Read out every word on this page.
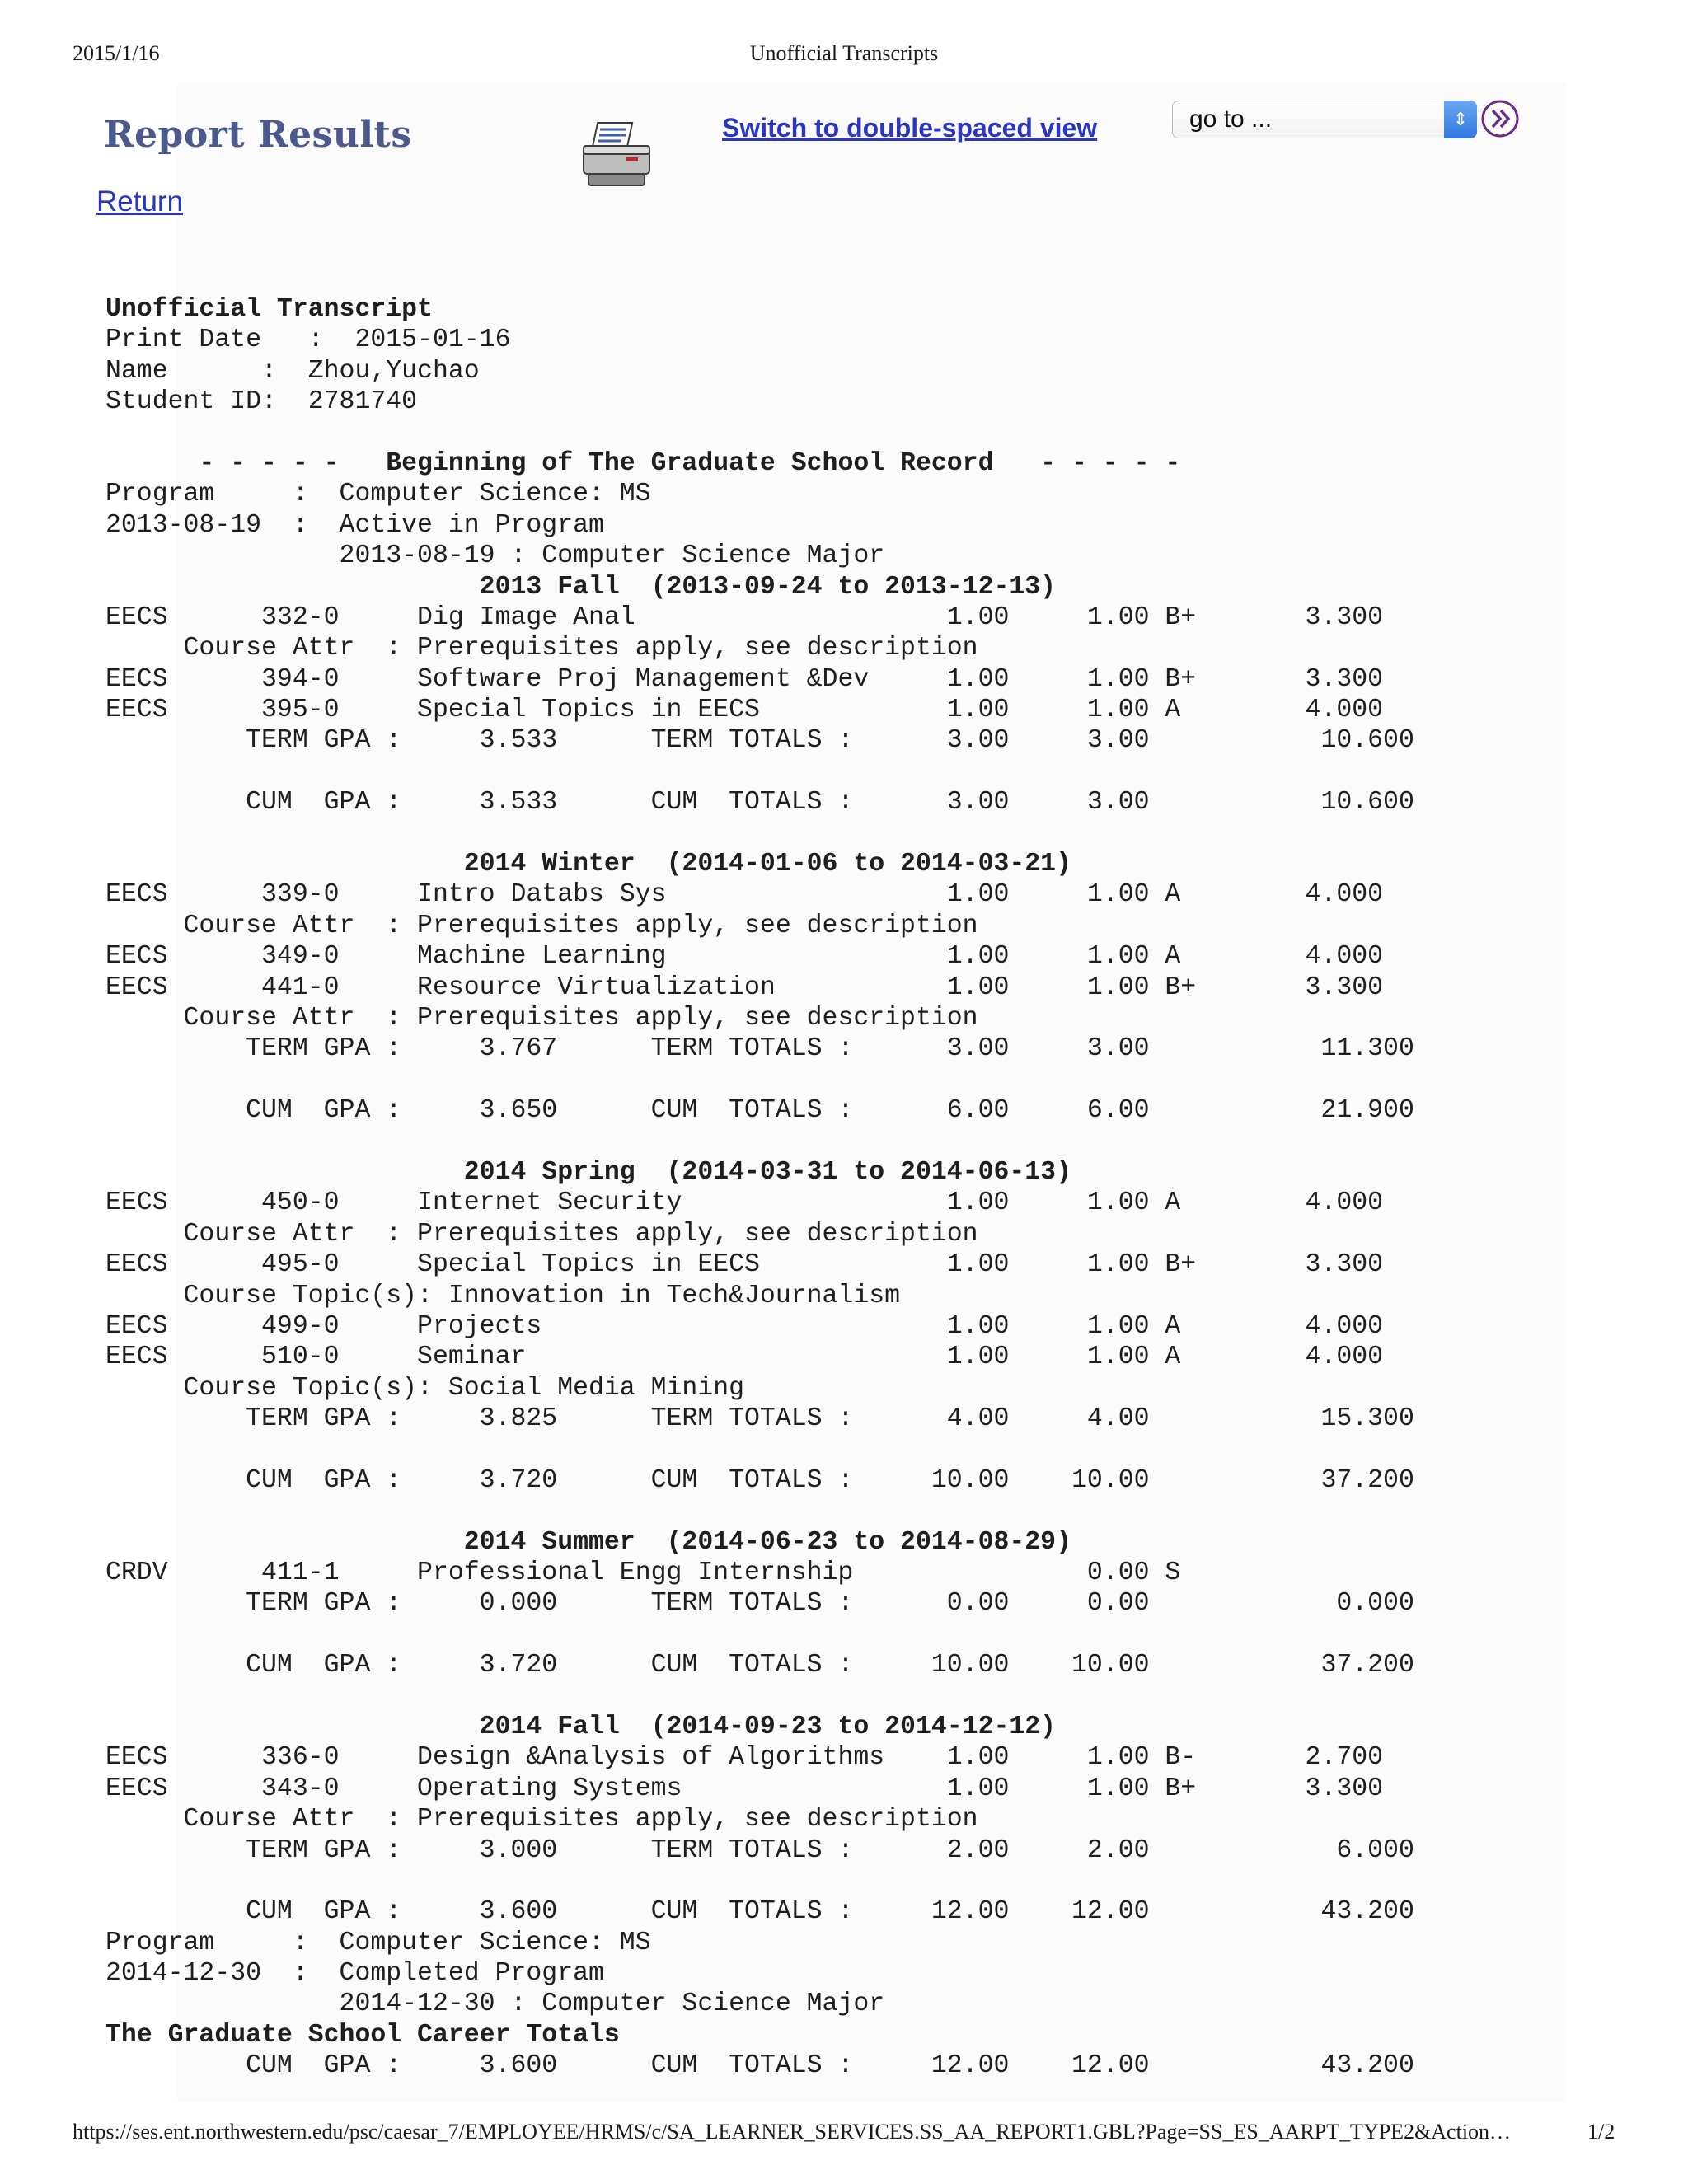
2015/1/16	Unofficial Transcripts
Report Results	Switch to double-spaced view	go to ...	⇕
Return
Unofficial Transcript
Print Date   :  2015-01-16
Name      :  Zhou,Yuchao
Student ID:  2781740
- - - - -   Beginning of The Graduate School Record   - - - - -
Program     :  Computer Science: MS
2013-08-19  :  Active in Program
2013-08-19 : Computer Science Major
2013 Fall  (2013-09-24 to 2013-12-13)
EECS      332-0     Dig Image Anal                    1.00     1.00 B+       3.300
Course Attr  : Prerequisites apply, see description
EECS      394-0     Software Proj Management &Dev     1.00     1.00 B+       3.300
EECS      395-0     Special Topics in EECS            1.00     1.00 A        4.000
TERM GPA :     3.533      TERM TOTALS :      3.00     3.00           10.600
CUM  GPA :     3.533      CUM  TOTALS :      3.00     3.00           10.600
2014 Winter  (2014-01-06 to 2014-03-21)
EECS      339-0     Intro Databs Sys                  1.00     1.00 A        4.000
Course Attr  : Prerequisites apply, see description
EECS      349-0     Machine Learning                  1.00     1.00 A        4.000
EECS      441-0     Resource Virtualization           1.00     1.00 B+       3.300
Course Attr  : Prerequisites apply, see description
TERM GPA :     3.767      TERM TOTALS :      3.00     3.00           11.300
CUM  GPA :     3.650      CUM  TOTALS :      6.00     6.00           21.900
2014 Spring  (2014-03-31 to 2014-06-13)
EECS      450-0     Internet Security                 1.00     1.00 A        4.000
Course Attr  : Prerequisites apply, see description
EECS      495-0     Special Topics in EECS            1.00     1.00 B+       3.300
Course Topic(s): Innovation in Tech&Journalism
EECS      499-0     Projects                          1.00     1.00 A        4.000
EECS      510-0     Seminar                           1.00     1.00 A        4.000
Course Topic(s): Social Media Mining
TERM GPA :     3.825      TERM TOTALS :      4.00     4.00           15.300
CUM  GPA :     3.720      CUM  TOTALS :     10.00    10.00           37.200
2014 Summer  (2014-06-23 to 2014-08-29)
CRDV      411-1     Professional Engg Internship               0.00 S
TERM GPA :     0.000      TERM TOTALS :      0.00     0.00            0.000
CUM  GPA :     3.720      CUM  TOTALS :     10.00    10.00           37.200
2014 Fall  (2014-09-23 to 2014-12-12)
EECS      336-0     Design &Analysis of Algorithms    1.00     1.00 B-       2.700
EECS      343-0     Operating Systems                 1.00     1.00 B+       3.300
Course Attr  : Prerequisites apply, see description
TERM GPA :     3.000      TERM TOTALS :      2.00     2.00            6.000
CUM  GPA :     3.600      CUM  TOTALS :     12.00    12.00           43.200
Program     :  Computer Science: MS
2014-12-30  :  Completed Program
2014-12-30 : Computer Science Major
The Graduate School Career Totals
CUM  GPA :     3.600      CUM  TOTALS :     12.00    12.00           43.200
https://ses.ent.northwestern.edu/psc/caesar_7/EMPLOYEE/HRMS/c/SA_LEARNER_SERVICES.SS_AA_REPORT1.GBL?Page=SS_ES_AARPT_TYPE2&Action…	1/2
